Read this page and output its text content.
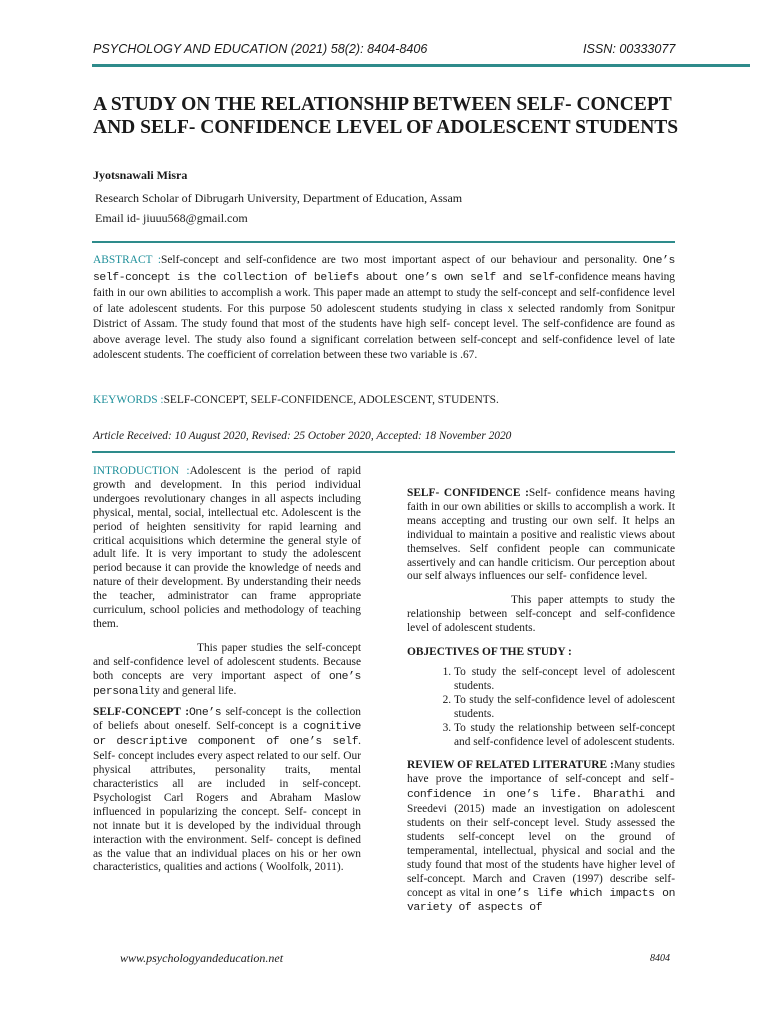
PSYCHOLOGY AND EDUCATION (2021) 58(2): 8404-8406	ISSN: 00333077
A STUDY ON THE RELATIONSHIP BETWEEN SELF- CONCEPT AND SELF- CONFIDENCE LEVEL OF ADOLESCENT STUDENTS
Jyotsnawali Misra
Research Scholar of Dibrugarh University, Department of Education, Assam
Email id- jiuuu568@gmail.com
ABSTRACT :Self-concept and self-confidence are two most important aspect of our behaviour and personality. One’s self-concept is the collection of beliefs about one’s own self and self-confidence means having faith in our own abilities to accomplish a work. This paper made an attempt to study the self-concept and self-confidence level of late adolescent students. For this purpose 50 adolescent students studying in class x selected randomly from Sonitpur District of Assam. The study found that most of the students have high self- concept level. The self-confidence are found as above average level. The study also found a significant correlation between self-concept and self-confidence level of late adolescent students. The coefficient of correlation between these two variable is .67.
KEYWORDS :SELF-CONCEPT, SELF-CONFIDENCE, ADOLESCENT, STUDENTS.
Article Received: 10 August 2020, Revised: 25 October 2020, Accepted: 18 November 2020

INTRODUCTION :Adolescent is the period of rapid growth and development. In this period individual undergoes revolutionary changes in all aspects including physical, mental, social, intellectual etc. Adolescent is the period of heighten sensitivity for rapid learning and critical acquisitions which determine the general style of adult life. It is very important to study the adolescent period because it can provide the knowledge of needs and nature of their development. By understanding their needs the teacher, administrator can frame appropriate curriculum, school policies and methodology of teaching them.

This paper studies the self-concept and self-confidence level of adolescent students. Because both concepts are very important aspect of one’s personality and general life.

SELF-CONCEPT :One’s self-concept is the collection of beliefs about oneself. Self-concept is a cognitive or descriptive component of one’s self. Self- concept includes every aspect related to our self. Our physical attributes, personality traits, mental characteristics all are included in self-concept. Psychologist Carl Rogers and Abraham Maslow influenced in popularizing the concept. Self- concept in not innate but it is developed by the individual through interaction with the environment. Self- concept is defined as the value that an individual places on his or her own characteristics, qualities and actions ( Woolfolk, 2011).

SELF- CONFIDENCE :Self- confidence means having faith in our own abilities or skills to accomplish a work. It means accepting and trusting our own self. It helps an individual to maintain a positive and realistic views about themselves. Self confident people can communicate assertively and can handle criticism. Our perception about our self always influences our self- confidence level.

This paper attempts to study the relationship between self-concept and self-confidence level of adolescent students.

OBJECTIVES OF THE STUDY :

1. To study the self-concept level of adolescent students.
2. To study the self-confidence level of adolescent students.
3. To study the relationship between self-concept and self-confidence level of adolescent students.

REVIEW OF RELATED LITERATURE :Many studies have prove the importance of self-concept and self-confidence in one’s life. Bharathi and Sreedevi (2015) made an investigation on adolescent students on their self-concept level. Study assessed the students self-concept level on the ground of temperamental, intellectual, physical and social and the study found that most of the students have higher level of self-concept. March and Craven (1997) describe self-concept as vital in one’s life which impacts on variety of aspects of

www.psychologyandeducation.net	8404
